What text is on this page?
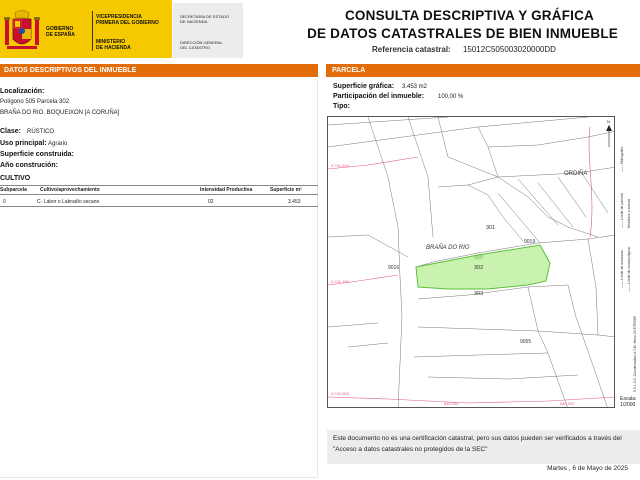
GOBIERNO
DE ESPAÑA
VICEPRESIDENCIA
PRIMERA DEL GOBIERNO
MINISTERIO
DE HACIENDA
SECRETARÍA DE ESTADO
DE HACIENDA
DIRECCIÓN GENERAL
DEL CATASTRO
CONSULTA DESCRIPTIVA Y GRÁFICA
DE DATOS CATASTRALES DE BIEN INMUEBLE
Referencia catastral: 15012C505003020000DD
DATOS DESCRIPTIVOS DEL INMUEBLE	PARCELA
Localización:
Polígono 505 Parcela 302
BRAÑA DO RIO. BOQUEIXON [A CORUÑA]
Clase: RÚSTICO
Uso principal: Agrario
Superficie construida:
Año construción:
CULTIVO
Subparcela	Cultivo/aprovechamiento	Intensidad Productiva	Superficie m²
0	C- Labor o Labradío secano	02	3.453
Superficie gráfica: 3.453 m2
Participación del inmueble: 100,00 %
Tipo:
N
ORDIÑA
BRAÑA DO RIO
505
302
301
303
9019
9016
9055
4.741.200
4.741.100
4.741.000
540.100	540.200
—— Hidrografía
—— Límite de parcela
—— Límite de manzana —— Límite de zona/polígono
Mobiliario y aceras
5.5.1.3.0. Coordenadas U.T.M. Huso 29 ETRS89
Escala:
1/2000
Este documento no es una certificación catastral, pero sus datos pueden ser verificados a través del "Acceso a datos catastrales no protegidos de la SEC"
Martes , 6 de Mayo de 2025
